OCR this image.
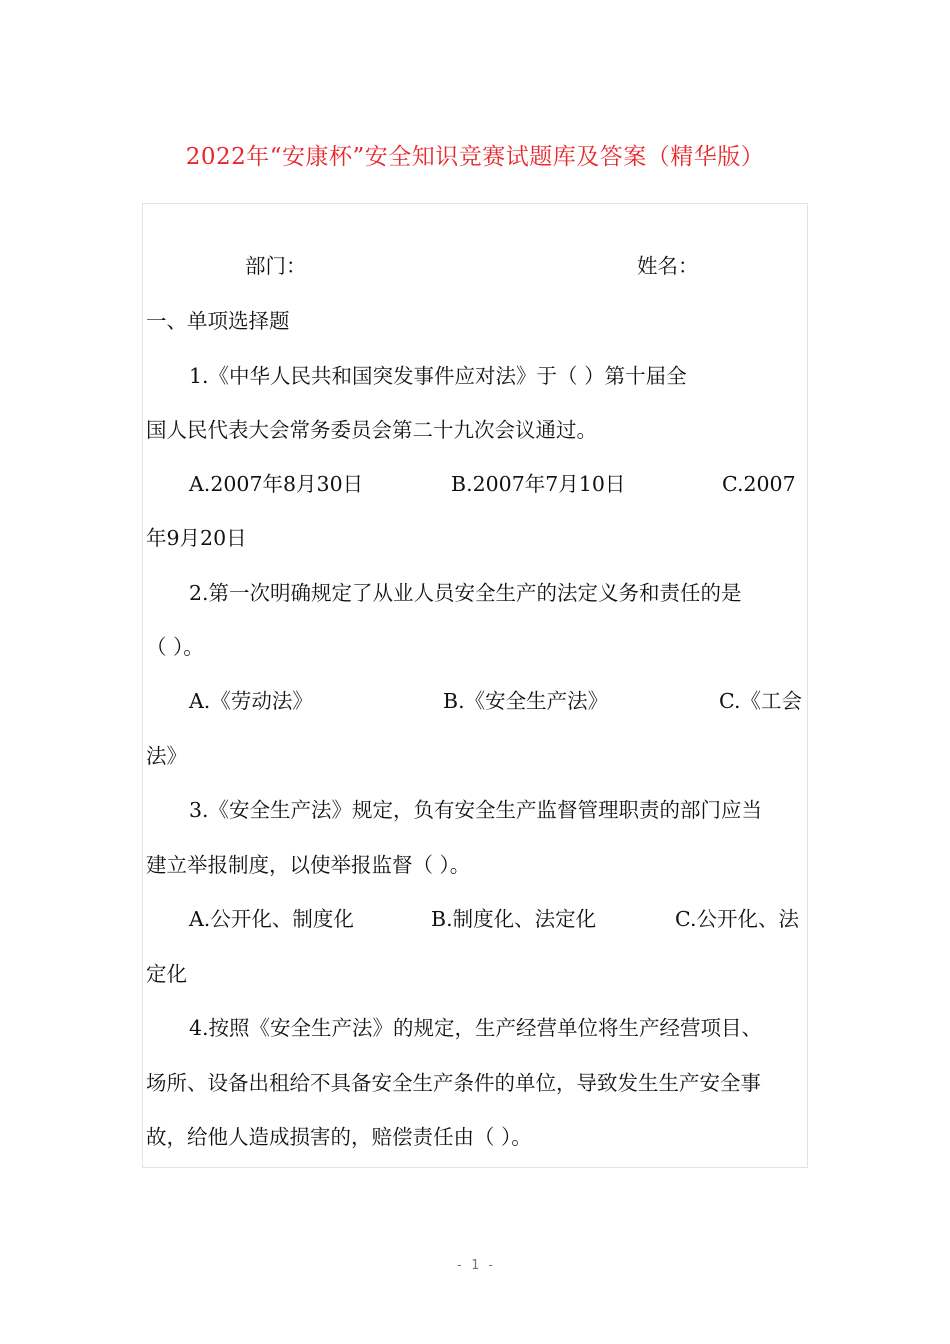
2022年“安康杯”安全知识竞赛试题库及答案（精华版）
部门：	姓名：
一、单项选择题
1.《中华人民共和国突发事件应对法》于（ ）第十届全
国人民代表大会常务委员会第二十九次会议通过。
A.2007年8月30日	B.2007年7月10日	C.2007
年9月20日
2.第一次明确规定了从业人员安全生产的法定义务和责任的是
（ ）。
A.《劳动法》	B.《安全生产法》	C.《工会
法》
3.《安全生产法》规定，负有安全生产监督管理职责的部门应当
建立举报制度，以使举报监督（ ）。
A.公开化、制度化	B.制度化、法定化	C.公开化、法
定化
4.按照《安全生产法》的规定，生产经营单位将生产经营项目、
场所、设备出租给不具备安全生产条件的单位，导致发生生产安全事
故，给他人造成损害的，赔偿责任由（ ）。
- 1 -
